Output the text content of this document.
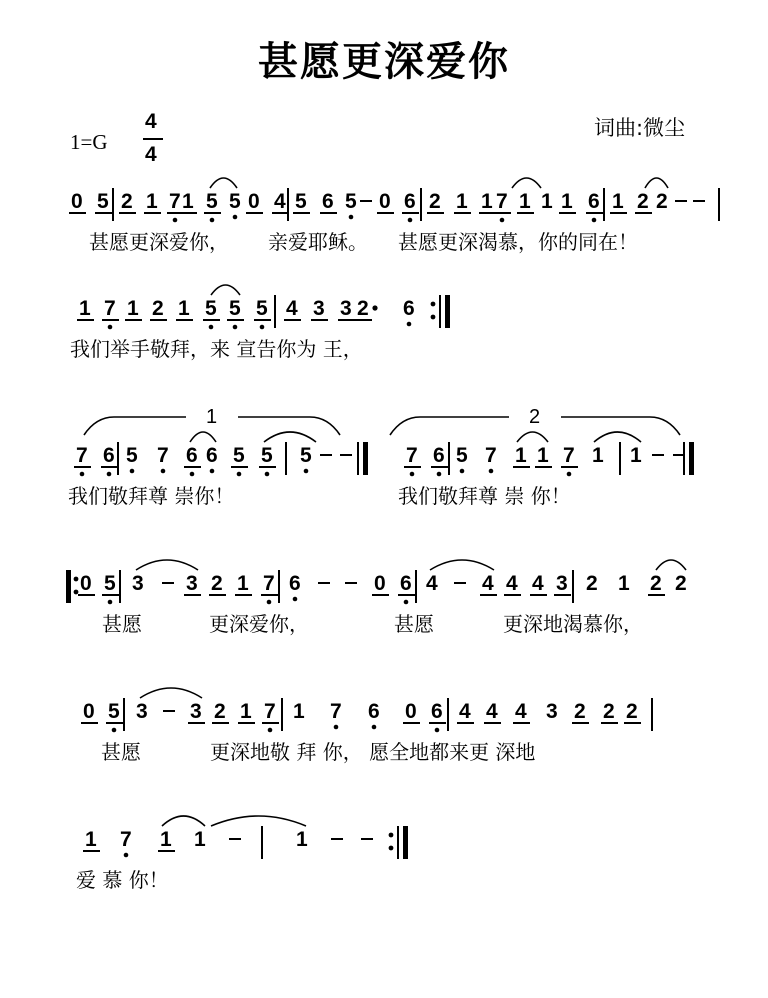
甚愿更深爱你
1=G
4
4
词曲:微尘
0 5 2 1 7 1 5 5 0 4 5 6 5 0 6 2 1 1 7 1 1 1 6 1 2 2
甚愿更深爱你， 亲爱耶稣。 甚愿更深渴慕，你的同在！
1 7 1 2 1 5 5 5 4 3 3 2 6
我们举手敬拜，来 宣告你为 王，
7 6 5 7 6 6 5 5 5	7 6 5 7 1 1 7 1 1
我们敬拜尊 崇你！	我们敬拜尊 崇 你！
0 5 3 3 2 1 7 6	0 6 4 4 4 4 3 2 1 2 2
甚愿	更深爱你，	甚愿	更深地渴慕你，
0 5 3 3 2 1 7 1 7 6 0 6 4 4 4 3 2 2 2
甚愿	更深地敬 拜 你， 愿全地都来更 深地
1 7 1 1	1
爱 慕 你！
1	2
